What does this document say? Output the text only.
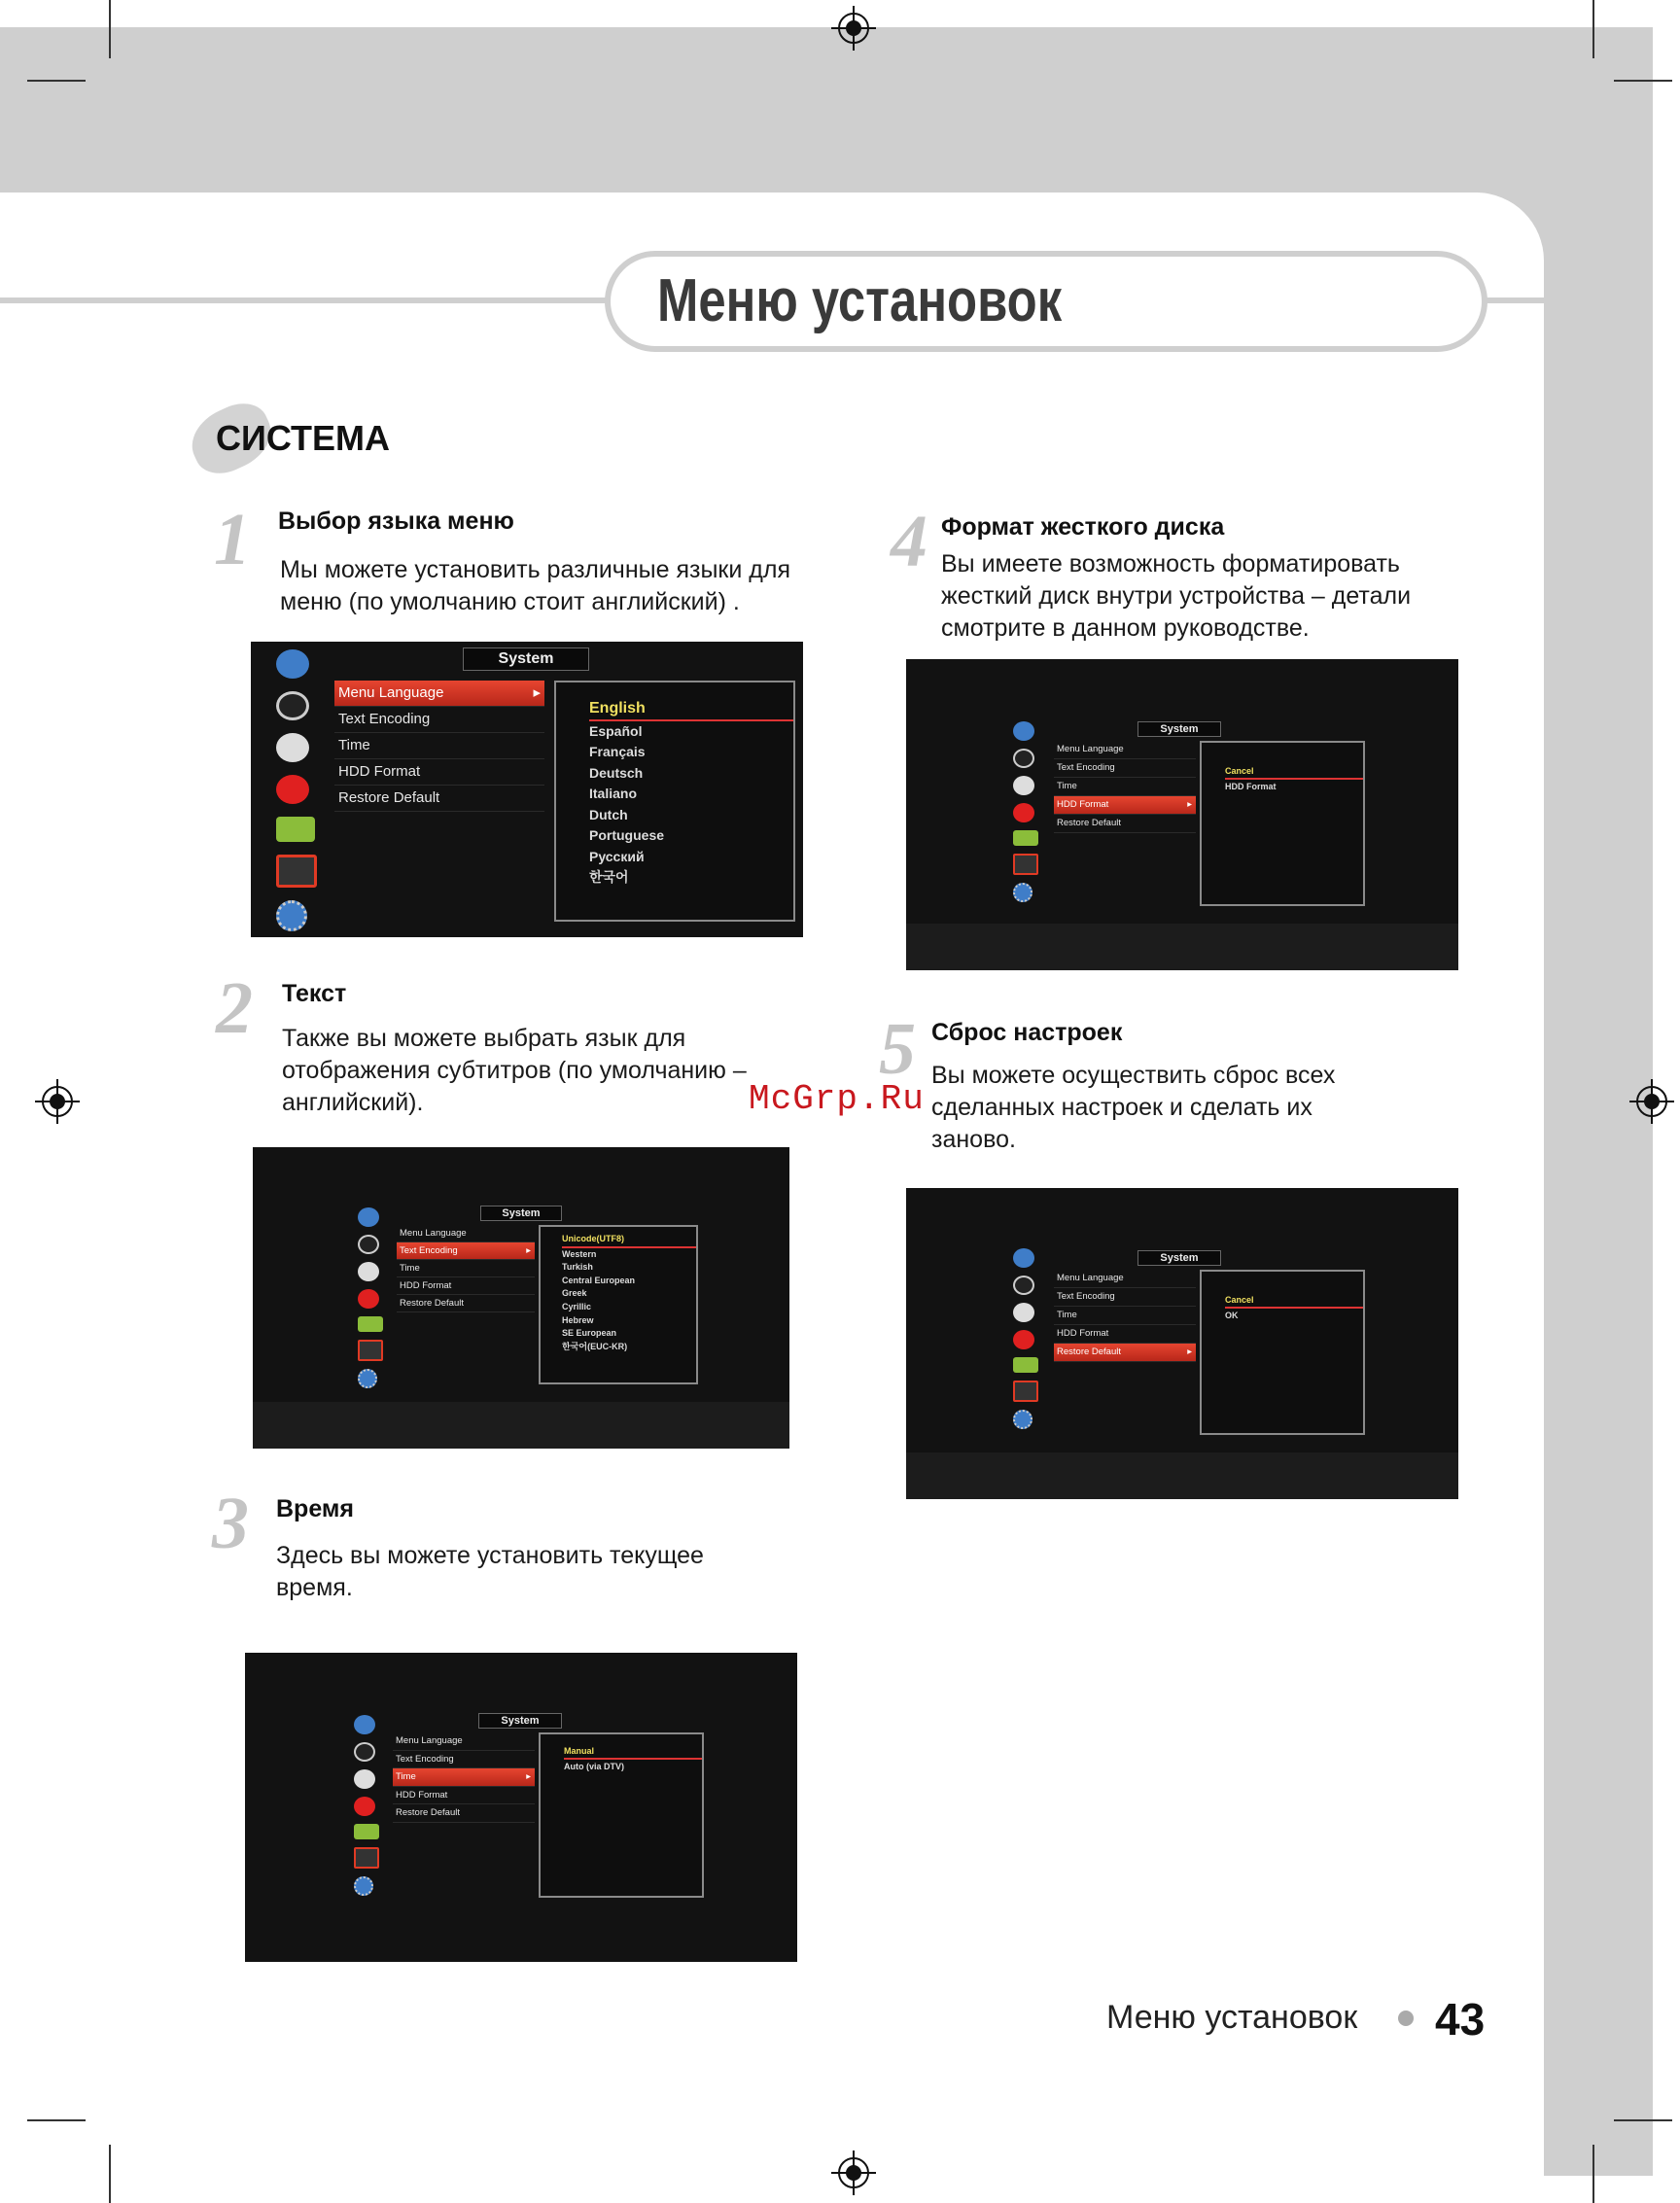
Меню установок
СИСТЕМА
1 Выбор языка меню
Мы можете установить различные языки для меню (по умолчанию стоит английский) .
System
Menu Language ▸
Text Encoding
Time
HDD Format
Restore Default
English
Español
Français
Deutsch
Italiano
Dutch
Portuguese
Русский
한국어
2 Текст
Также вы можете выбрать язык для отображения субтитров (по умолчанию – английский).
System
Menu Language
Text Encoding ▸
Time
HDD Format
Restore Default
Unicode(UTF8)
Western
Turkish
Central European
Greek
Cyrillic
Hebrew
SE European
한국어(EUC-KR)
3 Время
Здесь вы можете установить текущее время.
System
Menu Language
Text Encoding
Time ▸
HDD Format
Restore Default
Manual
Auto (via DTV)
4 Формат жесткого диска
Вы имеете возможность форматировать жесткий диск внутри устройства – детали смотрите в данном руководстве.
System
Menu Language
Text Encoding
Time
HDD Format ▸
Restore Default
Cancel
HDD Format
5 Сброс настроек
Вы можете осуществить сброс всех сделанных настроек и сделать их заново.
System
Menu Language
Text Encoding
Time
HDD Format
Restore Default ▸
Cancel
OK
McGrp.Ru
Меню установок 43
